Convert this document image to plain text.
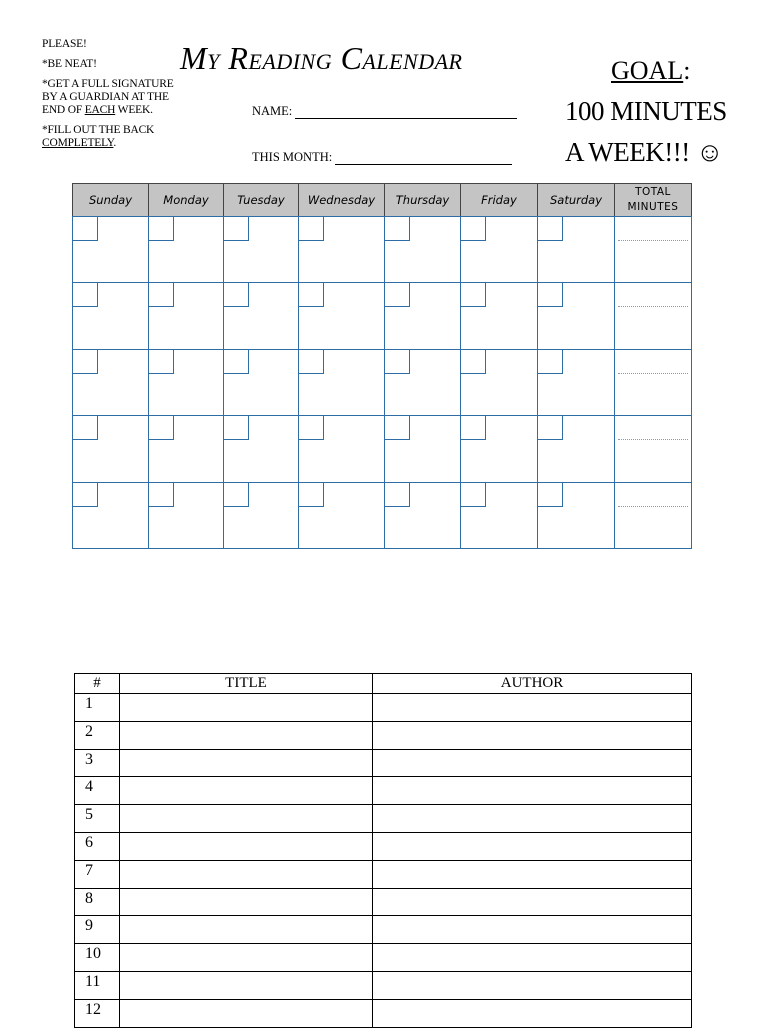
PLEASE!
*BE NEAT!
*GET A FULL SIGNATURE
BY A GUARDIAN AT THE
END OF EACH WEEK.
*FILL OUT THE BACK
COMPLETELY.
My Reading Calendar
NAME:
THIS MONTH:
GOAL:
100 MINUTES
A WEEK!!! ☺
Sunday	Monday	Tuesday	Wednesday	Thursday	Friday	Saturday
TOTAL
MINUTES
#	TITLE	AUTHOR
1		
2		
3		
4		
5		
6		
7		
8		
9		
10		
11		
12		
